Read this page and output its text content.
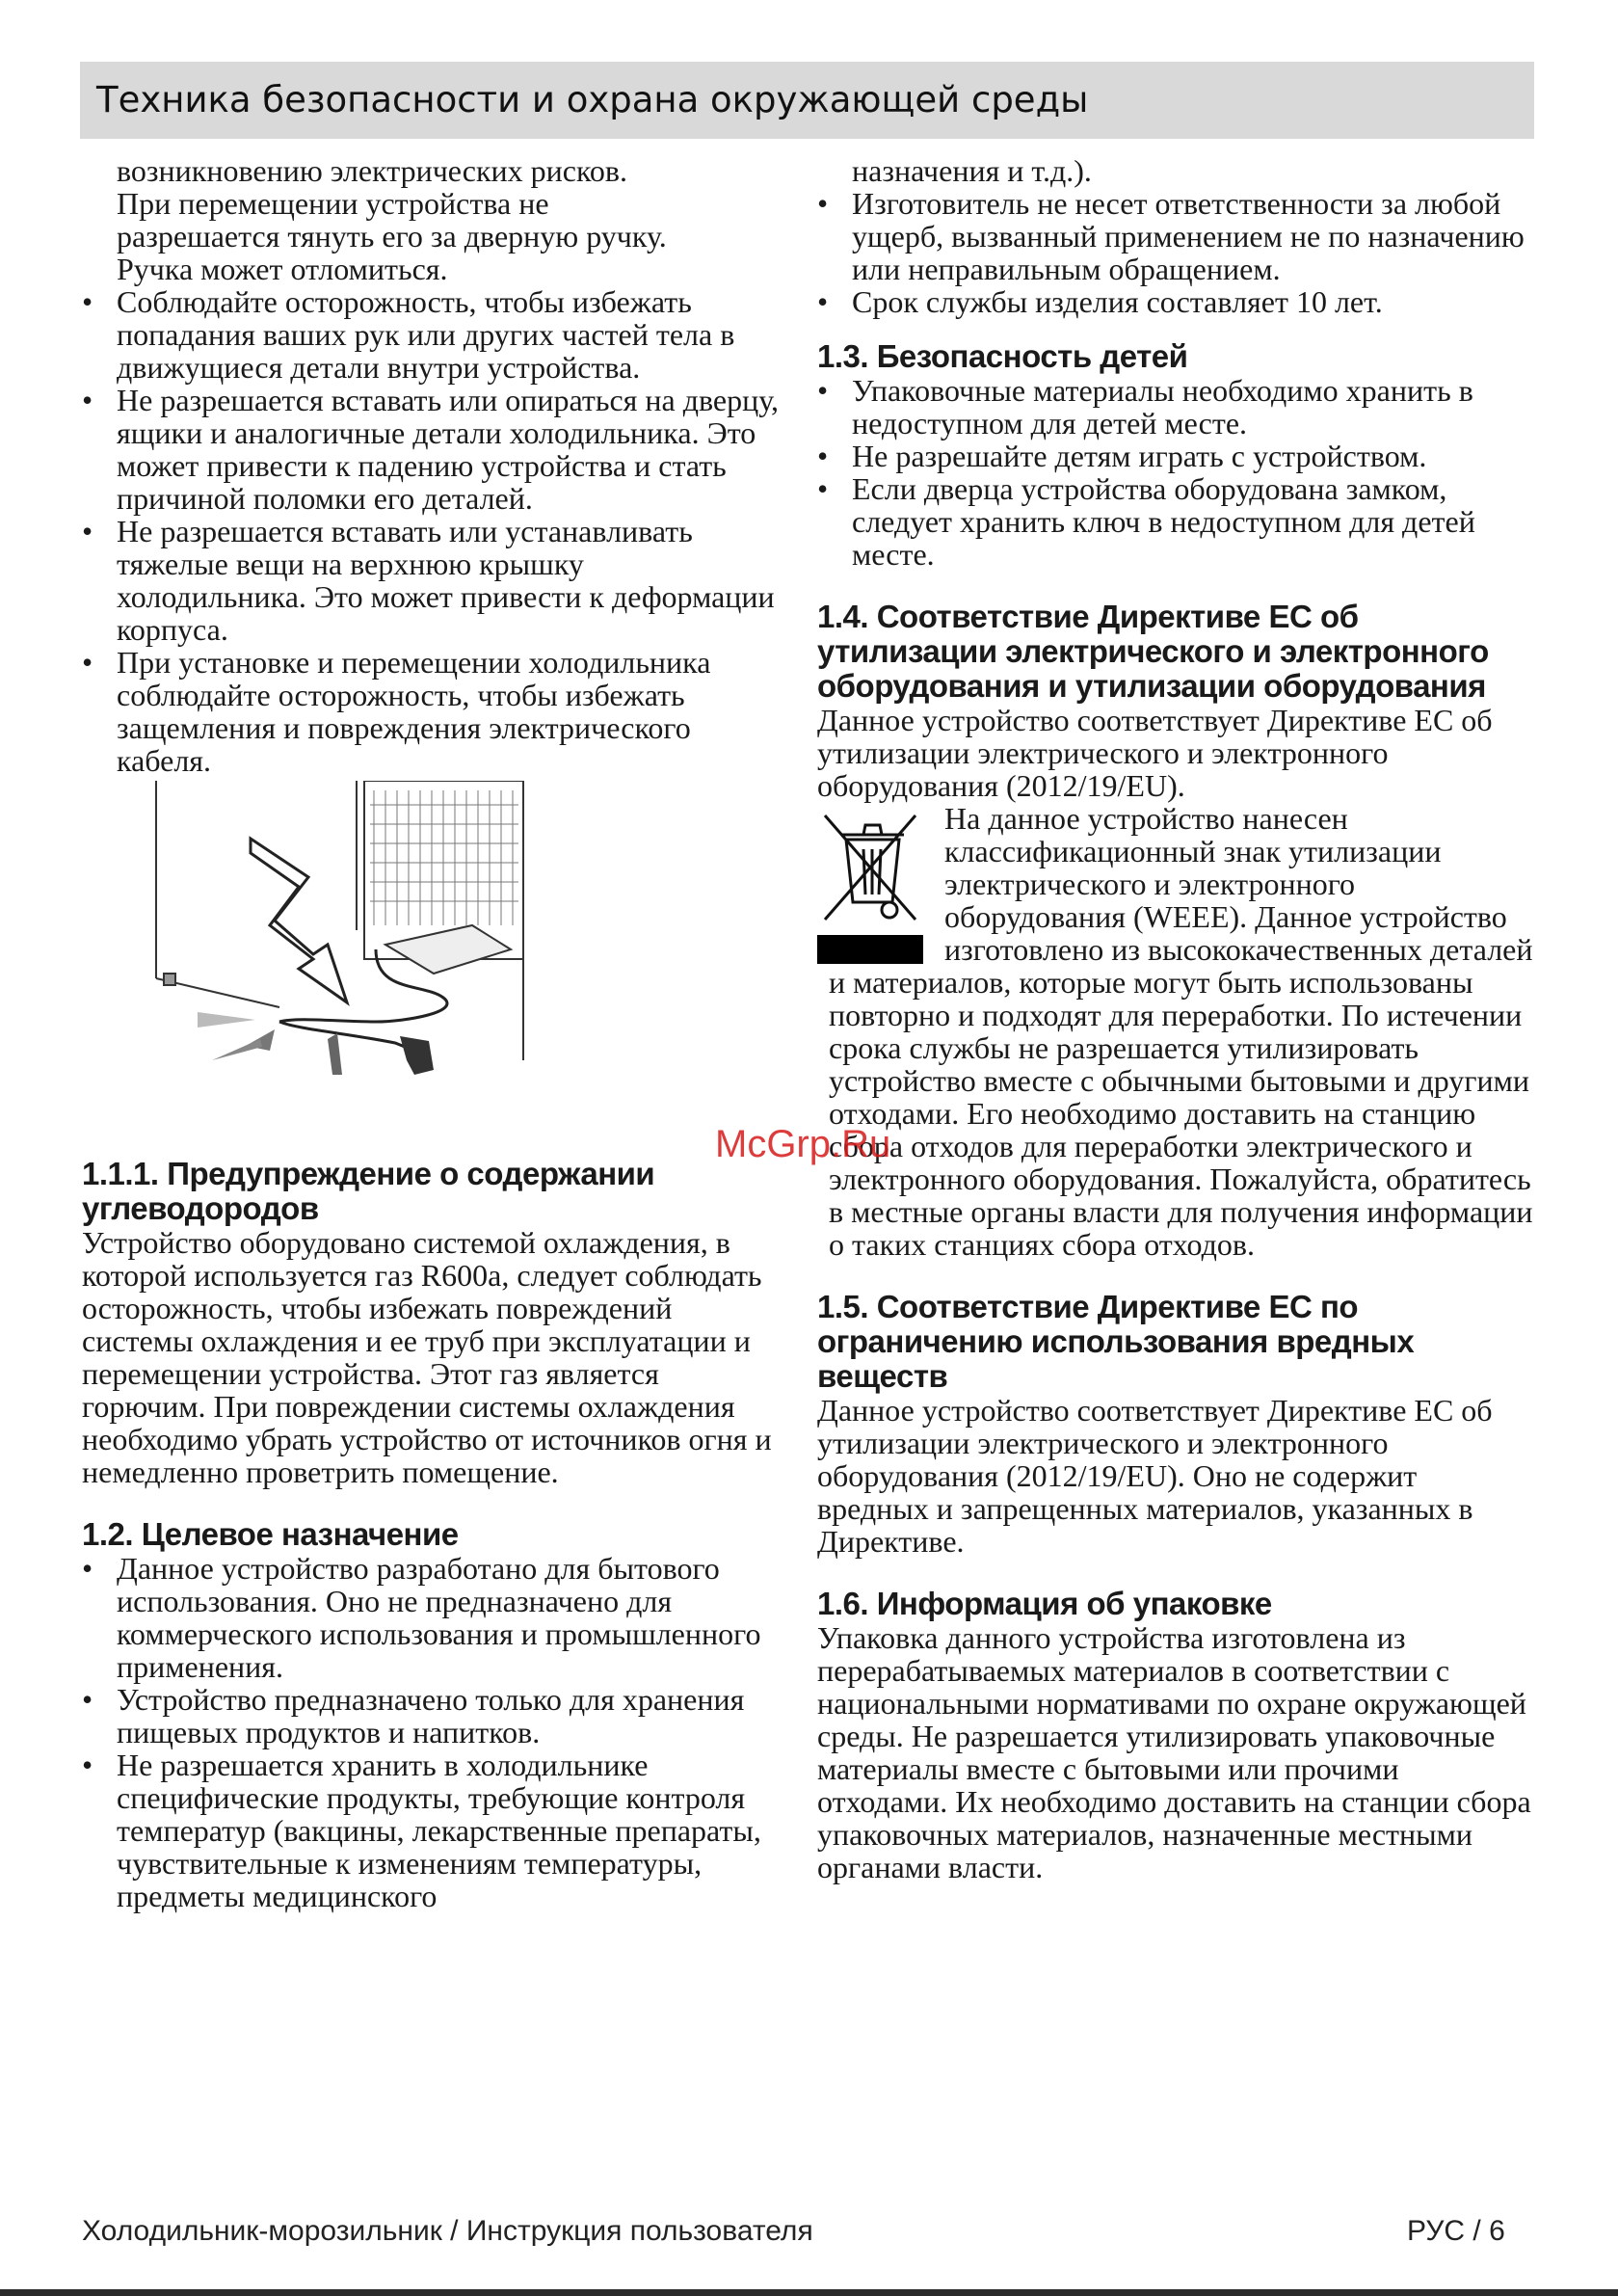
Техника безопасности и охрана окружающей среды
возникновению электрических рисков.
При перемещении устройства не
разрешается тянуть его за дверную ручку.
Ручка может отломиться.
• Соблюдайте осторожность, чтобы избежать попадания ваших рук или других частей тела в движущиеся детали внутри устройства.
• Не разрешается вставать или опираться на дверцу, ящики и аналогичные детали холодильника. Это может привести к падению устройства и стать причиной поломки его деталей.
• Не разрешается вставать или устанавливать тяжелые вещи на верхнюю крышку холодильника. Это может привести к деформации корпуса.
• При установке и перемещении холодильника соблюдайте осторожность, чтобы избежать защемления и повреждения электрического кабеля.
1.1.1. Предупреждение о содержании углеводородов

Устройство оборудовано системой охлаждения, в которой используется газ R600a, следует соблюдать осторожность, чтобы избежать повреждений системы охлаждения и ее труб при эксплуатации и перемещении устройства. Этот газ является горючим. При повреждении системы охлаждения необходимо убрать устройство от источников огня и немедленно проветрить помещение.

1.2. Целевое назначение
• Данное устройство разработано для бытового использования. Оно не предназначено для коммерческого использования и промышленного применения.
• Устройство предназначено только для хранения пищевых продуктов и напитков.
• Не разрешается хранить в холодильнике специфические продукты, требующие контроля температур (вакцины, лекарственные препараты, чувствительные к изменениям температуры, предметы медицинского
назначения и т.д.).
• Изготовитель не несет ответственности за любой ущерб, вызванный применением не по назначению или неправильным обращением.
• Срок службы изделия составляет 10 лет.
1.3. Безопасность детей
• Упаковочные материалы необходимо хранить в недоступном для детей месте.
• Не разрешайте детям играть с устройством.
• Если дверца устройства оборудована замком, следует хранить ключ в недоступном для детей месте.
1.4. Соответствие Директиве ЕС об утилизации электрического и электронного оборудования и утилизации оборудования

Данное устройство соответствует Директиве ЕС об утилизации электрического и электронного оборудования (2012/19/EU).

На данное устройство нанесен классификационный знак утилизации электрического и электронного оборудования (WEEE). Данное устройство изготовлено из высококачественных деталей
и материалов, которые могут быть использованы повторно и подходят для переработки. По истечении срока службы не разрешается утилизировать устройство вместе с обычными бытовыми и другими отходами. Его необходимо доставить на станцию сбора отходов для переработки электрического и электронного оборудования. Пожалуйста, обратитесь в местные органы власти для получения информации о таких станциях сбора отходов.
1.5. Соответствие Директиве ЕС по ограничению использования вредных веществ

Данное устройство соответствует Директиве ЕС об утилизации электрического и электронного оборудования (2012/19/EU). Оно не содержит вредных и запрещенных материалов, указанных в Директиве.

1.6. Информация об упаковке

Упаковка данного устройства изготовлена из перерабатываемых материалов в соответствии с национальными нормативами по охране окружающей среды. Не разрешается утилизировать упаковочные материалы вместе с бытовыми или прочими отходами. Их необходимо доставить на станции сбора упаковочных материалов, назначенные местными органами власти.

McGrp.Ru
Холодильник-морозильник / Инструкция пользователя	РУС / 6
